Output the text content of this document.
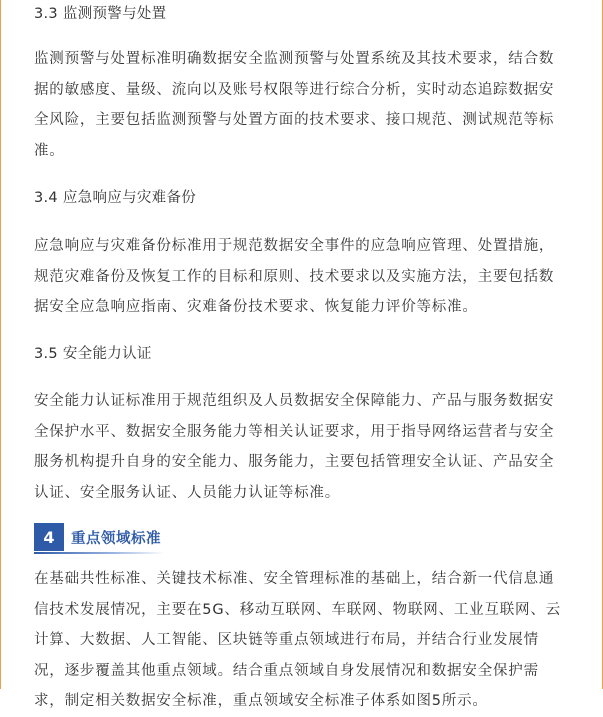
3.3 监测预警与处置
监测预警与处置标准明确数据安全监测预警与处置系统及其技术要求，结合数
据的敏感度、量级、流向以及账号权限等进行综合分析，实时动态追踪数据安
全风险，主要包括监测预警与处置方面的技术要求、接口规范、测试规范等标
准。
3.4 应急响应与灾难备份
应急响应与灾难备份标准用于规范数据安全事件的应急响应管理、处置措施，
规范灾难备份及恢复工作的目标和原则、技术要求以及实施方法，主要包括数
据安全应急响应指南、灾难备份技术要求、恢复能力评价等标准。
3.5 安全能力认证
安全能力认证标准用于规范组织及人员数据安全保障能力、产品与服务数据安
全保护水平、数据安全服务能力等相关认证要求，用于指导网络运营者与安全
服务机构提升自身的安全能力、服务能力，主要包括管理安全认证、产品安全
认证、安全服务认证、人员能力认证等标准。
4	重点领域标准
在基础共性标准、关键技术标准、安全管理标准的基础上，结合新一代信息通
信技术发展情况，主要在5G、移动互联网、车联网、物联网、工业互联网、云
计算、大数据、人工智能、区块链等重点领域进行布局，并结合行业发展情
况，逐步覆盖其他重点领域。结合重点领域自身发展情况和数据安全保护需
求，制定相关数据安全标准，重点领域安全标准子体系如图5所示。
